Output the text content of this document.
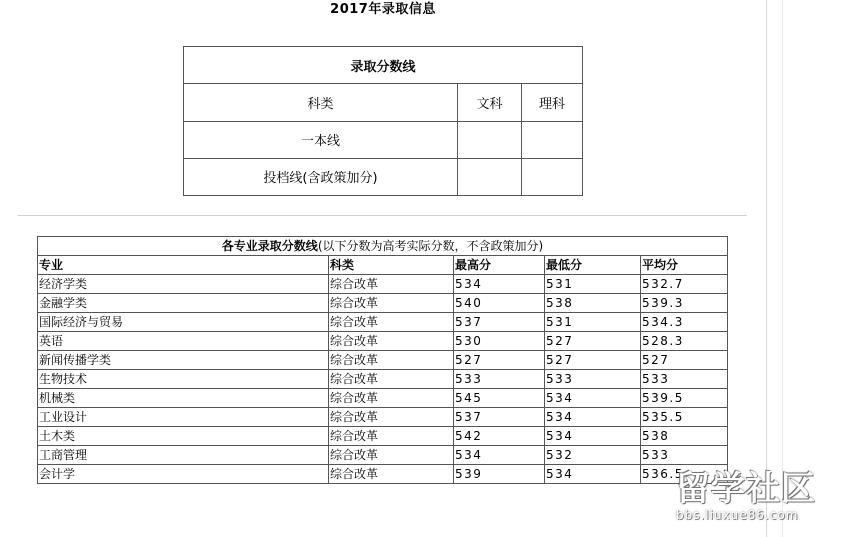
2017年录取信息
录取分数线		
科类	文科	理科
一本线		
投档线(含政策加分)		
各专业录取分数线(以下分数为高考实际分数，不含政策加分)				
专业	科类	最高分	最低分	平均分
经济学类	综合改革	534	531	532.7
金融学类	综合改革	540	538	539.3
国际经济与贸易	综合改革	537	531	534.3
英语	综合改革	530	527	528.3
新闻传播学类	综合改革	527	527	527
生物技术	综合改革	533	533	533
机械类	综合改革	545	534	539.5
工业设计	综合改革	537	534	535.5
土木类	综合改革	542	534	538
工商管理	综合改革	534	532	533
会计学	综合改革	539	534	536.5
留学社区
bbs.liuxue86.com
